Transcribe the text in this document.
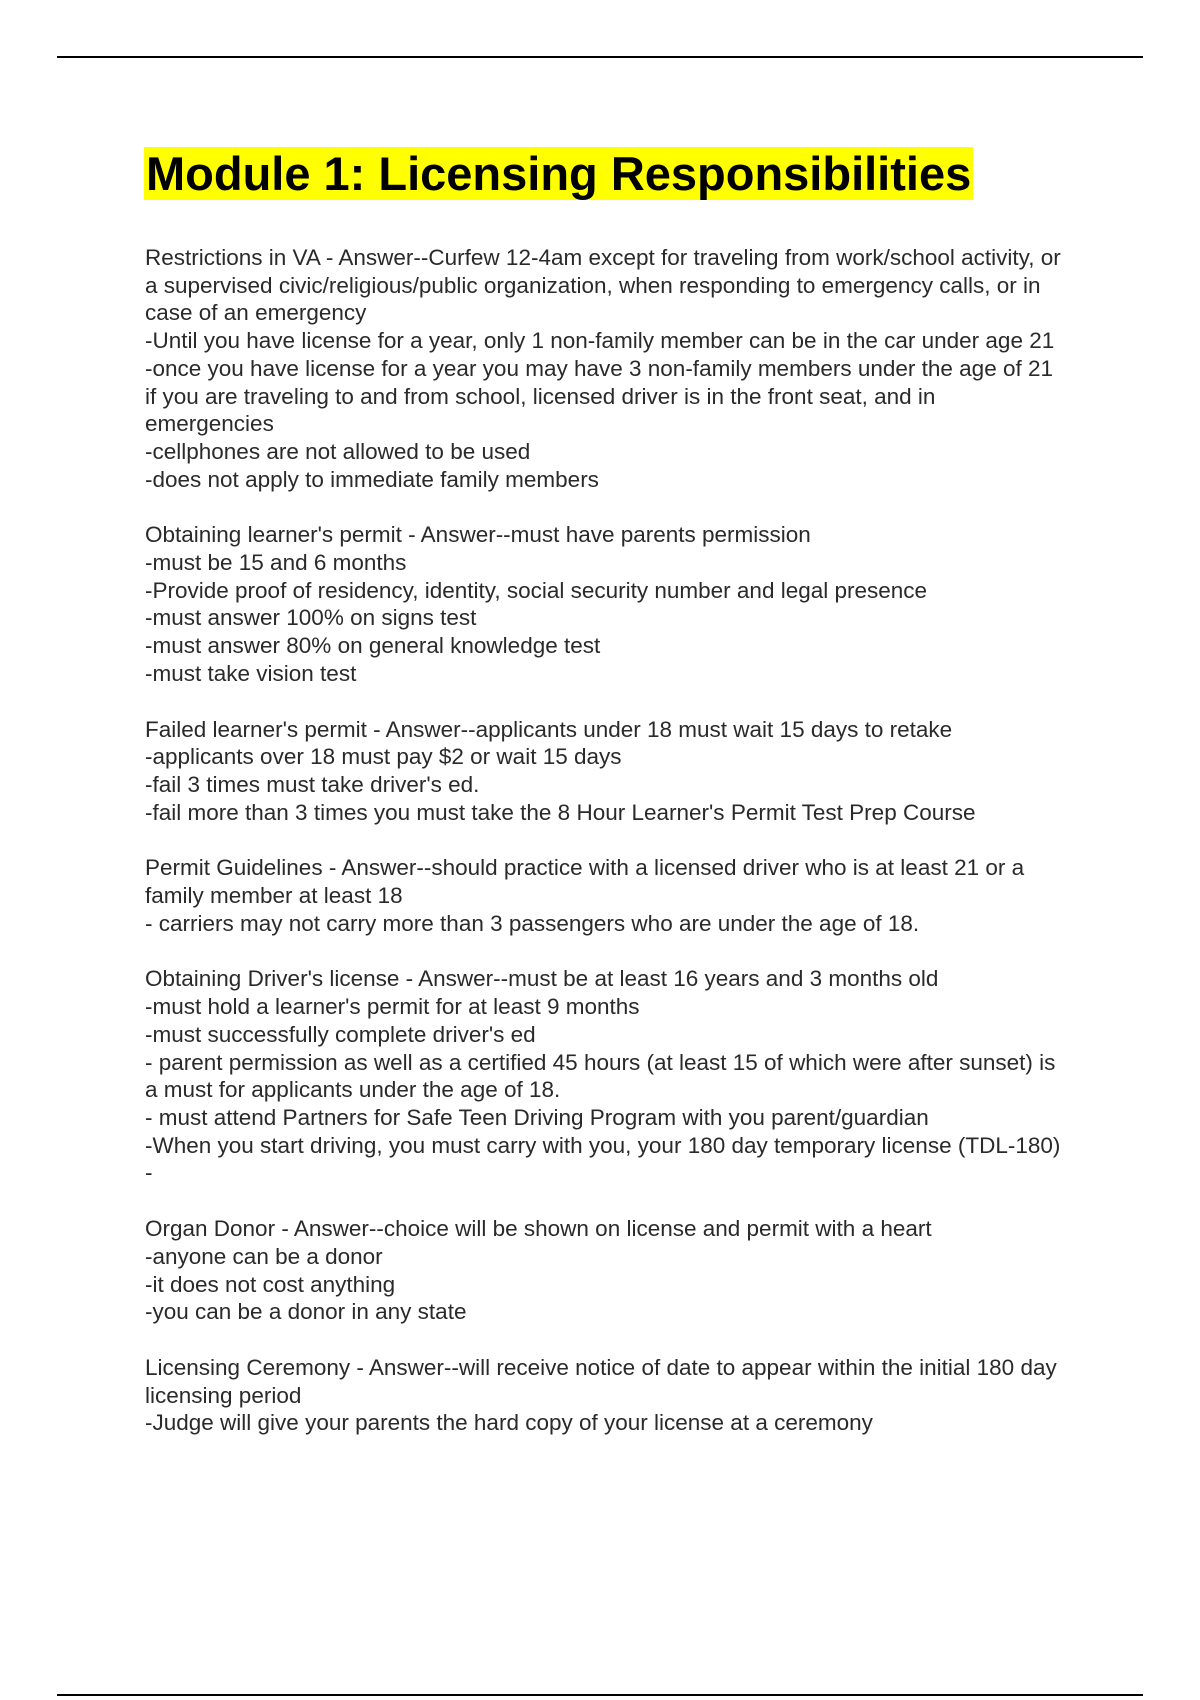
Module 1: Licensing Responsibilities

Restrictions in VA - Answer--Curfew 12-4am except for traveling from work/school activity, or a supervised civic/religious/public organization, when responding to emergency calls, or in case of an emergency

-Until you have license for a year, only 1 non-family member can be in the car under age 21

-once you have license for a year you may have 3 non-family members under the age of 21 if you are traveling to and from school, licensed driver is in the front seat, and in emergencies

-cellphones are not allowed to be used

-does not apply to immediate family members

Obtaining learner's permit - Answer--must have parents permission

-must be 15 and 6 months

-Provide proof of residency, identity, social security number and legal presence

-must answer 100% on signs test

-must answer 80% on general knowledge test

-must take vision test

Failed learner's permit - Answer--applicants under 18 must wait 15 days to retake

-applicants over 18 must pay $2 or wait 15 days

-fail 3 times must take driver's ed.

-fail more than 3 times you must take the 8 Hour Learner's Permit Test Prep Course

Permit Guidelines - Answer--should practice with a licensed driver who is at least 21 or a family member at least 18

- carriers may not carry more than 3 passengers who are under the age of 18.

Obtaining Driver's license - Answer--must be at least 16 years and 3 months old

-must hold a learner's permit for at least 9 months

-must successfully complete driver's ed

- parent permission as well as a certified 45 hours (at least 15 of which were after sunset) is a must for applicants under the age of 18.

- must attend Partners for Safe Teen Driving Program with you parent/guardian

-When you start driving, you must carry with you, your 180 day temporary license (TDL-180)

-

Organ Donor - Answer--choice will be shown on license and permit with a heart

-anyone can be a donor

-it does not cost anything

-you can be a donor in any state

Licensing Ceremony - Answer--will receive notice of date to appear within the initial 180 day licensing period

-Judge will give your parents the hard copy of your license at a ceremony
